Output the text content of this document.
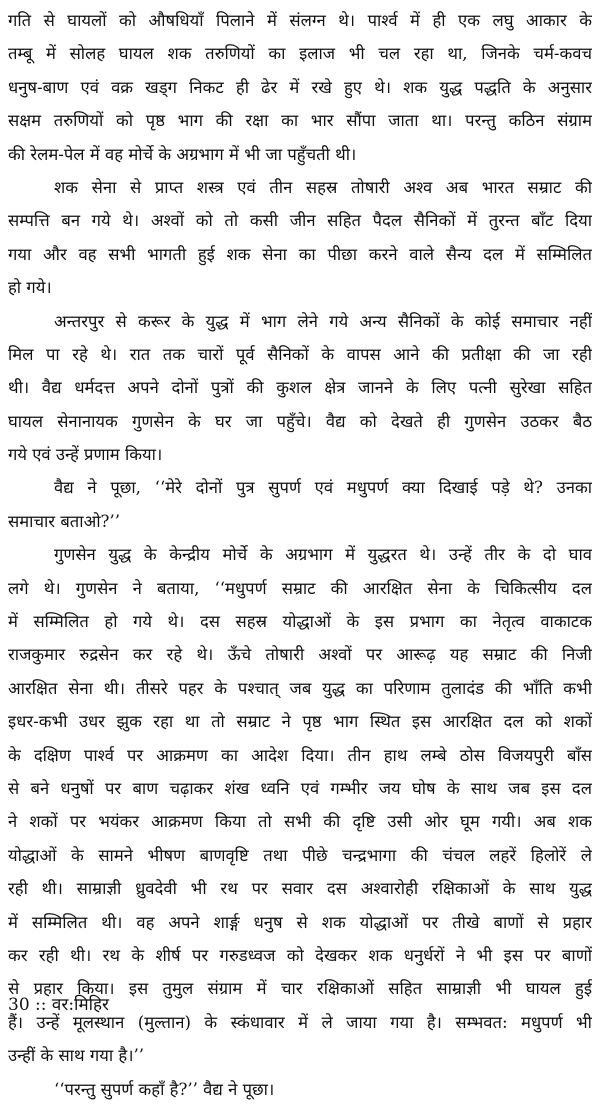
गति से घायलों को औषधियाँ पिलाने में संलग्न थे। पार्श्व में ही एक लघु आकार के
तम्बू में सोलह घायल शक तरुणियों का इलाज भी चल रहा था, जिनके चर्म-कवच
धनुष-बाण एवं वक्र खड्ग निकट ही ढेर में रखे हुए थे। शक युद्ध पद्धति के अनुसार
सक्षम तरुणियों को पृष्ठ भाग की रक्षा का भार सौंपा जाता था। परन्तु कठिन संग्राम
की रेलम-पेल में वह मोर्चे के अग्रभाग में भी जा पहुँचती थी।
शक सेना से प्राप्त शस्त्र एवं तीन सहस्र तोषारी अश्व अब भारत सम्राट की
सम्पत्ति बन गये थे। अश्वों को तो कसी जीन सहित पैदल सैनिकों में तुरन्त बाँट दिया
गया और वह सभी भागती हुई शक सेना का पीछा करने वाले सैन्य दल में सम्मिलित
हो गये।
अन्तरपुर से करूर के युद्ध में भाग लेने गये अन्य सैनिकों के कोई समाचार नहीं
मिल पा रहे थे। रात तक चारों पूर्व सैनिकों के वापस आने की प्रतीक्षा की जा रही
थी। वैद्य धर्मदत्त अपने दोनों पुत्रों की कुशल क्षेत्र जानने के लिए पत्नी सुरेखा सहित
घायल सेनानायक गुणसेन के घर जा पहुँचे। वैद्य को देखते ही गुणसेन उठकर बैठ
गये एवं उन्हें प्रणाम किया।
वैद्य ने पूछा, ‘‘मेरे दोनों पुत्र सुपर्ण एवं मधुपर्ण क्या दिखाई पड़े थे? उनका
समाचार बताओ?’’
गुणसेन युद्ध के केन्द्रीय मोर्चे के अग्रभाग में युद्धरत थे। उन्हें तीर के दो घाव
लगे थे। गुणसेन ने बताया, ‘‘मधुपर्ण सम्राट की आरक्षित सेना के चिकित्सीय दल
में सम्मिलित हो गये थे। दस सहस्र योद्धाओं के इस प्रभाग का नेतृत्व वाकाटक
राजकुमार रुद्रसेन कर रहे थे। ऊँचे तोषारी अश्वों पर आरूढ़ यह सम्राट की निजी
आरक्षित सेना थी। तीसरे पहर के पश्चात् जब युद्ध का परिणाम तुलादंड की भाँति कभी
इधर-कभी उधर झुक रहा था तो सम्राट ने पृष्ठ भाग स्थित इस आरक्षित दल को शकों
के दक्षिण पार्श्व पर आक्रमण का आदेश दिया। तीन हाथ लम्बे ठोस विजयपुरी बाँस
से बने धनुषों पर बाण चढ़ाकर शंख ध्वनि एवं गम्भीर जय घोष के साथ जब इस दल
ने शकों पर भयंकर आक्रमण किया तो सभी की दृष्टि उसी ओर घूम गयी। अब शक
योद्धाओं के सामने भीषण बाणवृष्टि तथा पीछे चन्द्रभागा की चंचल लहरें हिलोरें ले
रही थी। साम्राज्ञी ध्रुवदेवी भी रथ पर सवार दस अश्वारोही रक्षिकाओं के साथ युद्ध
में सम्मिलित थी। वह अपने शार्ङ्ग धनुष से शक योद्धाओं पर तीखे बाणों से प्रहार
कर रही थी। रथ के शीर्ष पर गरुडध्वज को देखकर शक धनुर्धरों ने भी इस पर बाणों
से प्रहार किया। इस तुमुल संग्राम में चार रक्षिकाओं सहित साम्राज्ञी भी घायल हुई
हैं। उन्हें मूलस्थान (मुल्तान) के स्कंधावार में ले जाया गया है। सम्भवत: मधुपर्ण भी
उन्हीं के साथ गया है।’’
‘‘परन्तु सुपर्ण कहाँ है?’’ वैद्य ने पूछा।
30 :: वर:मिहिर
